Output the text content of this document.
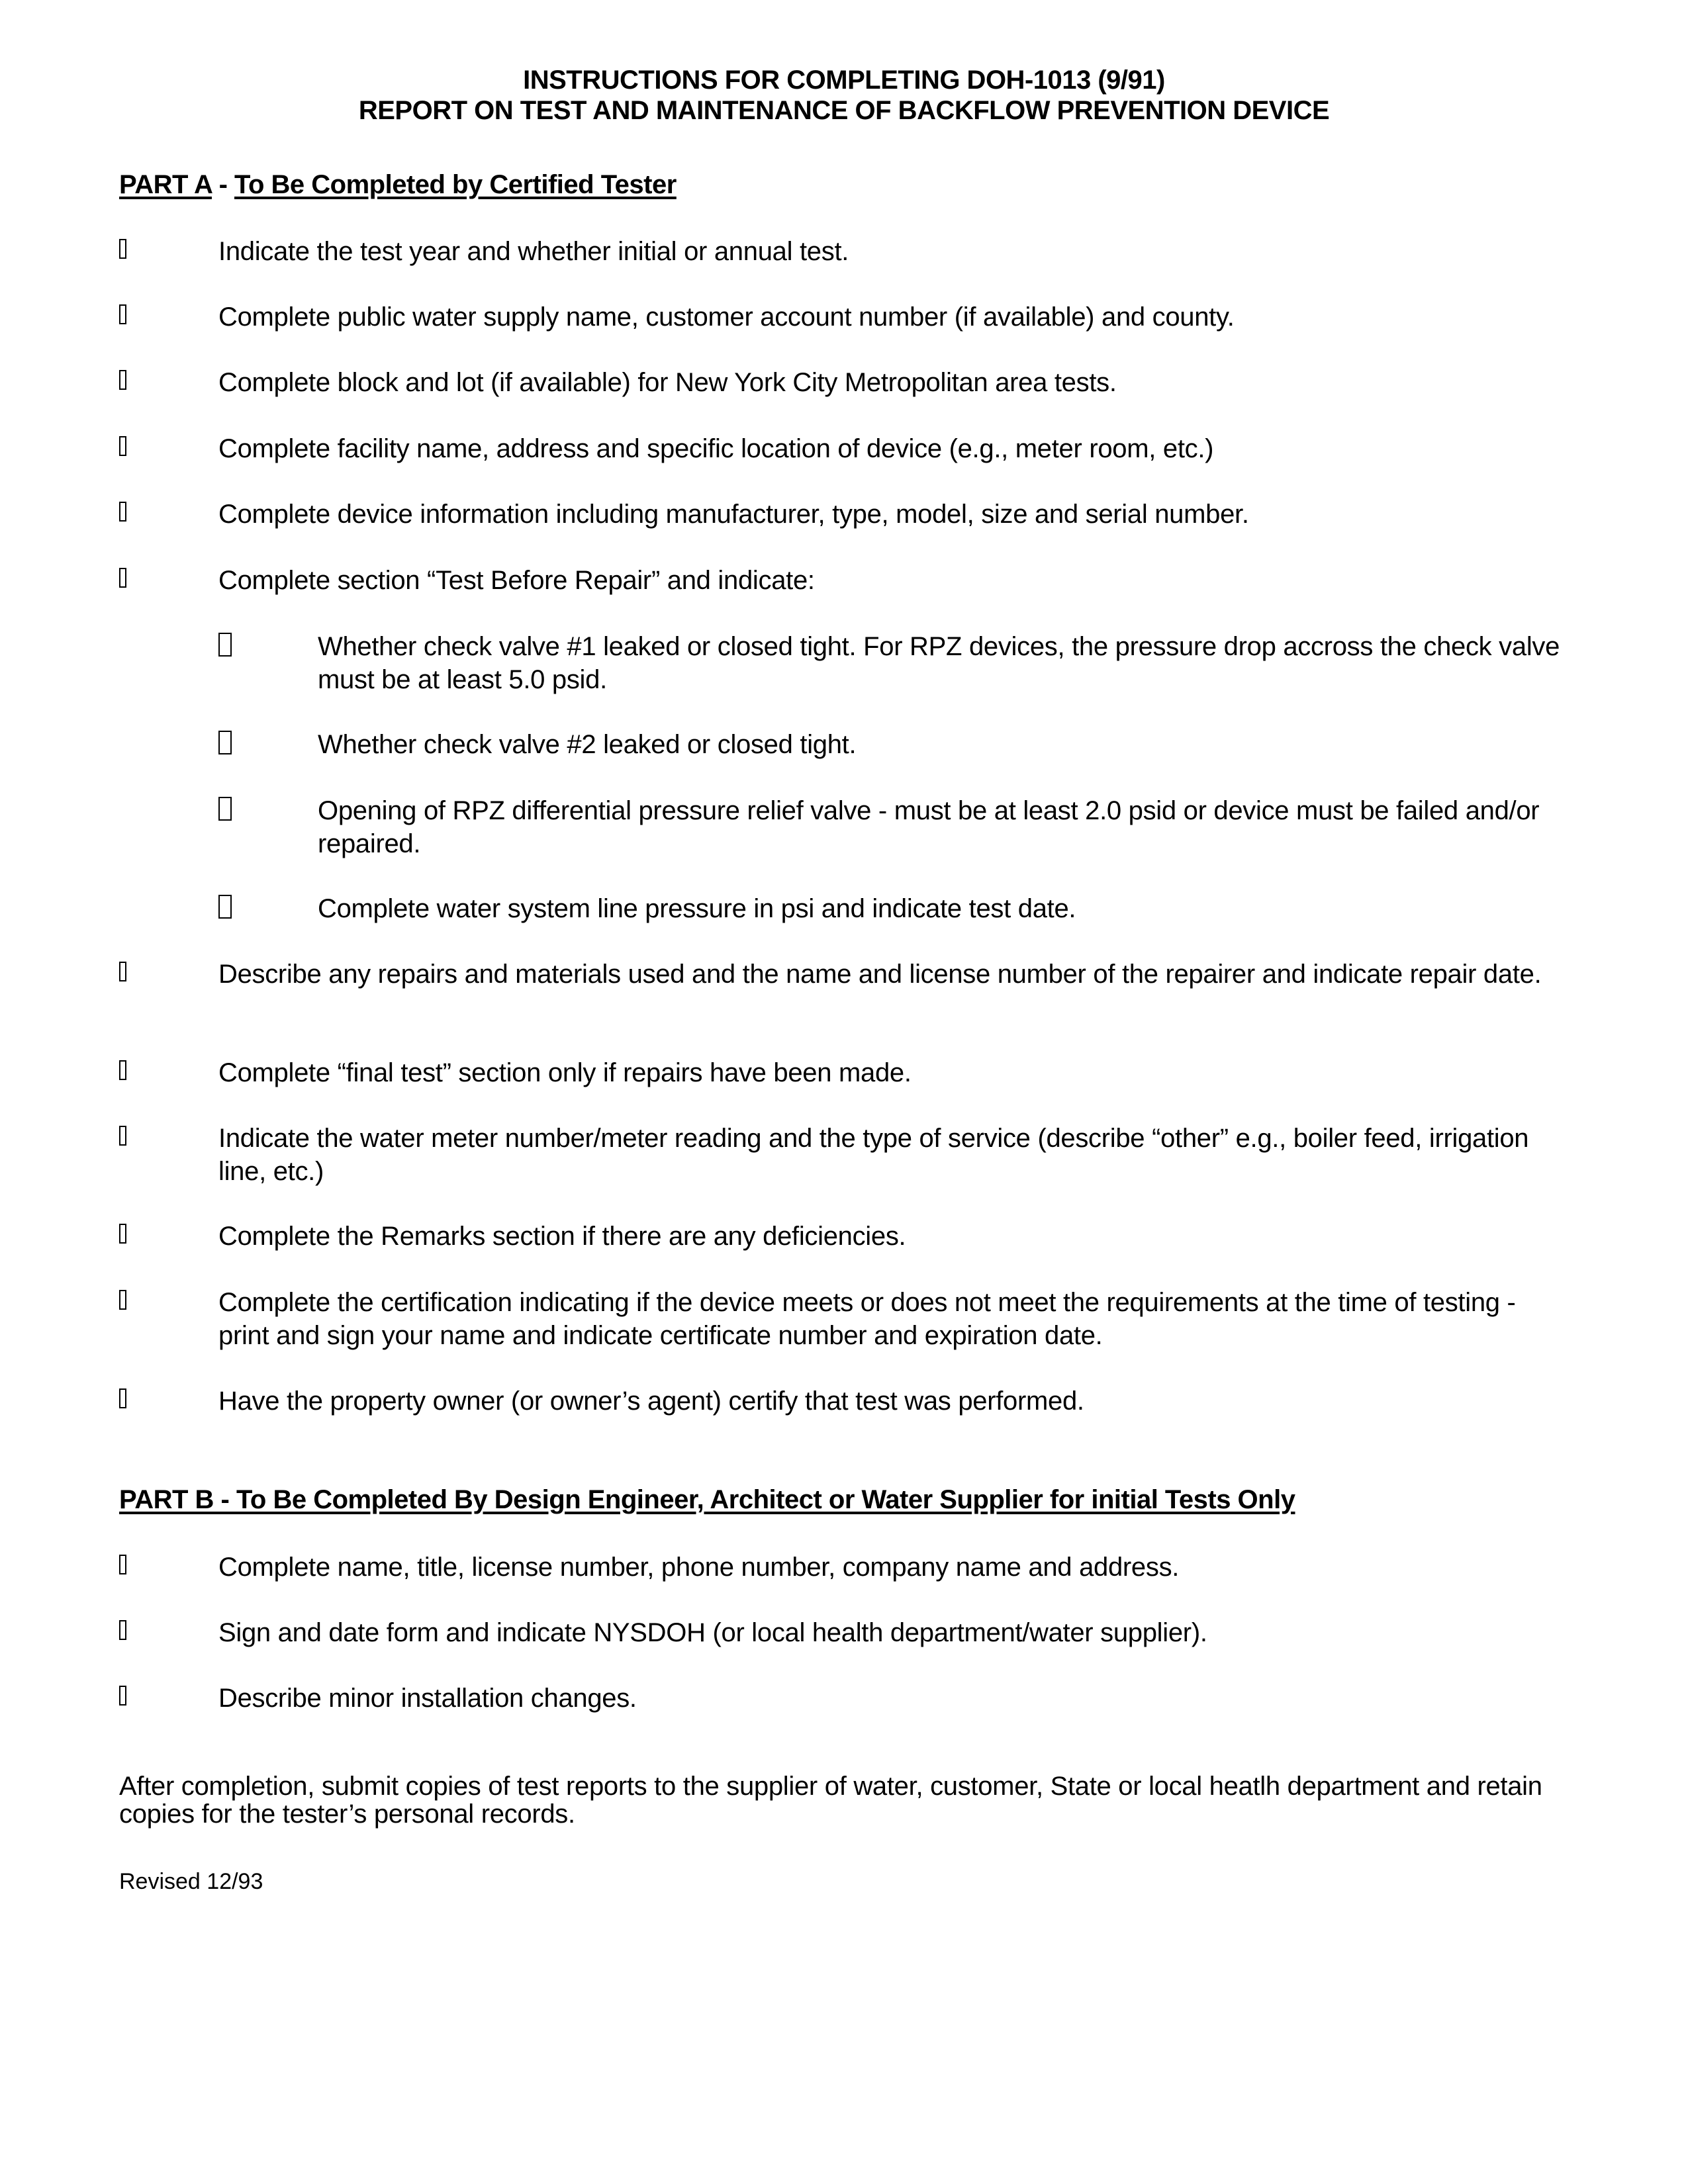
INSTRUCTIONS FOR COMPLETING DOH-1013 (9/91)
REPORT ON TEST AND MAINTENANCE OF BACKFLOW PREVENTION DEVICE
PART A - To Be Completed by Certified Tester
Indicate the test year and whether initial or annual test.
Complete public water supply name, customer account number (if available) and county.
Complete block and lot (if available) for New York City Metropolitan area tests.
Complete facility name, address and specific location of device (e.g., meter room, etc.)
Complete device information including manufacturer, type, model, size and serial number.
Complete section “Test Before Repair” and indicate:
Whether check valve #1 leaked or closed tight. For RPZ devices, the pressure drop accross the check valve must be at least 5.0 psid.
Whether check valve #2 leaked or closed tight.
Opening of RPZ differential pressure relief valve - must be at least 2.0 psid or device must be failed and/or repaired.
Complete water system line pressure in psi and indicate test date.
Describe any repairs and materials used and the name and license number of the repairer and indicate repair date.
Complete “final test” section only if repairs have been made.
Indicate the water meter number/meter reading and the type of service (describe “other” e.g., boiler feed, irrigation line, etc.)
Complete the Remarks section if there are any deficiencies.
Complete the certification indicating if the device meets or does not meet the requirements at the time of testing - print and sign your name and indicate certificate number and expiration date.
Have the property owner (or owner’s agent) certify that test was performed.
PART B - To Be Completed By Design Engineer, Architect or Water Supplier for initial Tests Only
Complete name, title, license number, phone number, company name and address.
Sign and date form and indicate NYSDOH (or local health department/water supplier).
Describe minor installation changes.
After completion, submit copies of test reports to the supplier of water, customer, State or local heatlh department and retain copies for the tester’s personal records.
Revised 12/93
